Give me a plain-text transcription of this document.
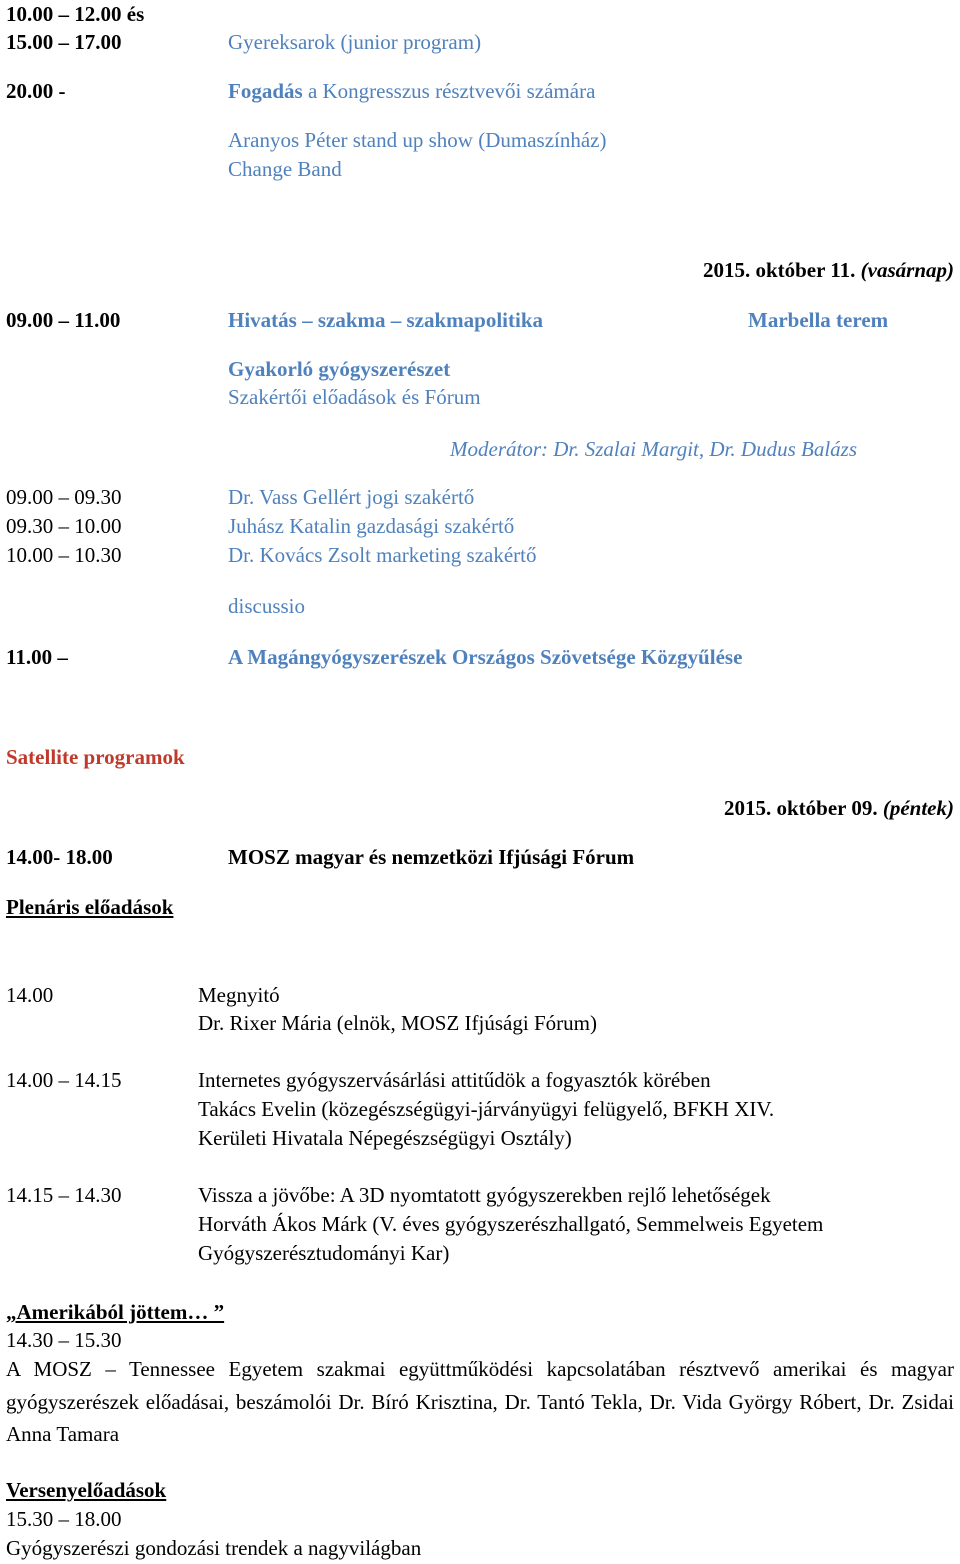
10.00 – 12.00 és
15.00 – 17.00	Gyereksarok (junior program)
20.00 -	Fogadás a Kongresszus résztvevői számára
Aranyos Péter stand up show (Dumaszínház)
Change Band
2015. október 11. (vasárnap)
09.00 – 11.00	Hivatás – szakma – szakmapolitika	Marbella terem
Gyakorló gyógyszerészet
Szakértői előadások és Fórum
Moderátor: Dr. Szalai Margit, Dr. Dudus Balázs
09.00 – 09.30	Dr. Vass Gellért jogi szakértő
09.30 – 10.00	Juhász Katalin gazdasági szakértő
10.00 – 10.30	Dr. Kovács Zsolt marketing szakértő
discussio
11.00 –	A Magángyógyszerészek Országos Szövetsége Közgyűlése
Satellite programok
2015. október 09. (péntek)
14.00- 18.00	MOSZ magyar és nemzetközi Ifjúsági Fórum
Plenáris előadások
14.00	Megnyitó
Dr. Rixer Mária (elnök, MOSZ Ifjúsági Fórum)
14.00 – 14.15	Internetes gyógyszervásárlási attitűdök a fogyasztók körében
Takács Evelin (közegészségügyi-járványügyi felügyelő, BFKH XIV.
Kerületi Hivatala Népegészségügyi Osztály)
14.15 – 14.30	Vissza a jövőbe: A 3D nyomtatott gyógyszerekben rejlő lehetőségek
Horváth Ákos Márk (V. éves gyógyszerészhallgató, Semmelweis Egyetem
Gyógyszerésztudományi Kar)
„Amerikából jöttem… ”
14.30 – 15.30
A MOSZ – Tennessee Egyetem szakmai együttműködési kapcsolatában résztvevő amerikai és magyar gyógyszerészek előadásai, beszámolói Dr. Bíró Krisztina, Dr. Tantó Tekla, Dr. Vida György Róbert, Dr. Zsidai Anna Tamara
Versenyelőadások
15.30 – 18.00
Gyógyszerészi gondozási trendek a nagyvilágban
